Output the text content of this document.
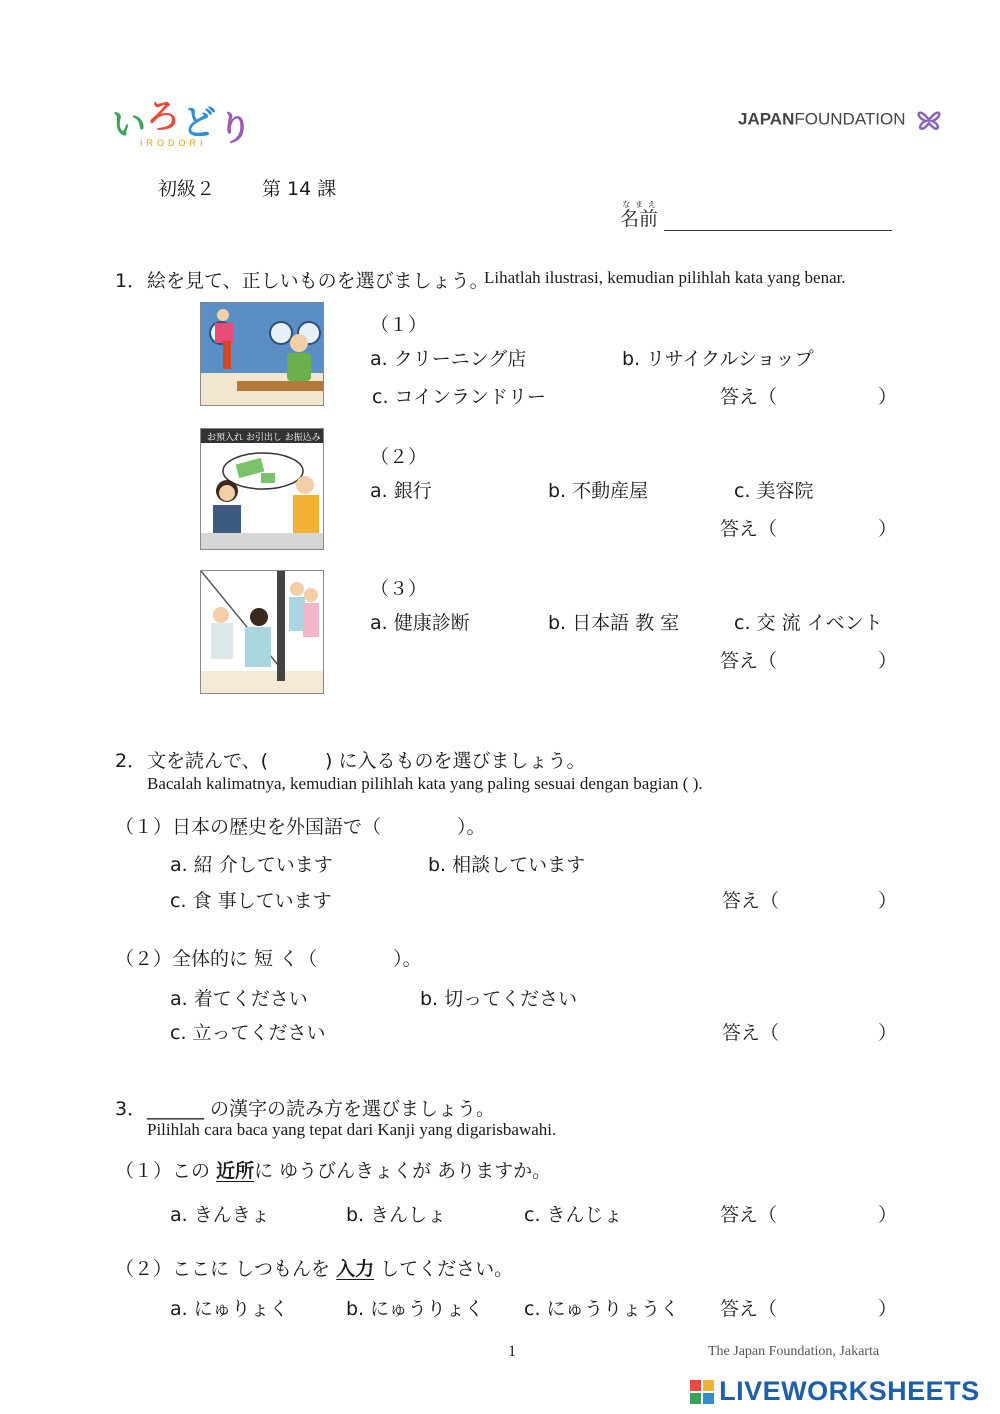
い ろ ど り
IRODORI
JAPANFOUNDATION
初級２ 第 14 課
名前なまえ
1． 絵を見て、正しいものを選びましょう。
Lihatlah ilustrasi, kemudian pilihlah kata yang benar.
（１）
a. クリーニング店	b. リサイクルショップ
c. コインランドリー	答え（	）
お預入れ お引出し お振込み
（２）
a. 銀行	b. 不動産屋	c. 美容院
答え（	）
（３）
a. 健康診断	b. 日本語 教 室	c. 交 流 イベント
答え（	）
2． 文を読んで、(　　　) に入るものを選びましょう。
Bacalah kalimatnya, kemudian pilihlah kata yang paling sesuai dengan bagian ( ).
（１）日本の歴史を外国語で（　　　　）。
a. 紹 介しています	b. 相談しています
c. 食 事しています	答え（	）
（２）全体的に 短 く（　　　　）。
a. 着てください	b. 切ってください
c. 立ってください	答え（	）
3． ______ の漢字の読み方を選びましょう。
Pilihlah cara baca yang tepat dari Kanji yang digarisbawahi.
（１）この 近所に ゆうびんきょくが ありますか。
a. きんきょ	b. きんしょ	c. きんじょ	答え（	）
（２）ここに しつもんを 入力 してください。
a. にゅりょく	b. にゅうりょく c. にゅうりょうく 答え（	）
1	The Japan Foundation, Jakarta
LIVEWORKSHEETS
